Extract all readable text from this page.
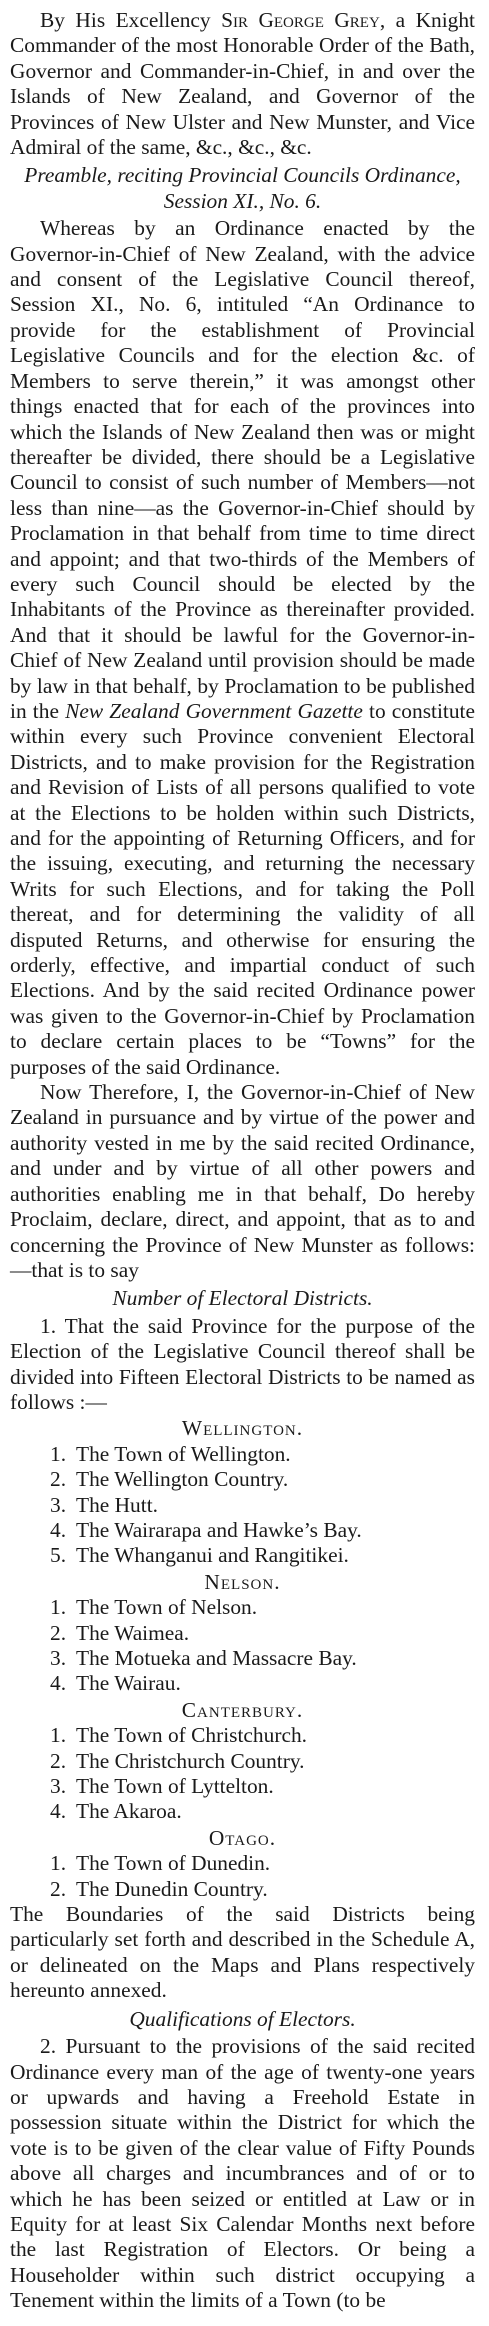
By His Excellency Sir George Grey, a Knight Commander of the most Honorable Order of the Bath, Governor and Commander-in-Chief, in and over the Islands of New Zealand, and Governor of the Provinces of New Ulster and New Munster, and Vice Admiral of the same, &c., &c., &c.

Preamble, reciting Provincial Councils Ordinance, Session XI., No. 6.

Whereas by an Ordinance enacted by the Governor-in-Chief of New Zealand, with the advice and consent of the Legislative Council thereof, Session XI., No. 6, intituled “An Ordinance to provide for the establishment of Provincial Legislative Councils and for the election &c. of Members to serve therein,” it was amongst other things enacted that for each of the provinces into which the Islands of New Zealand then was or might thereafter be divided, there should be a Legislative Council to consist of such number of Members—not less than nine—as the Governor-in-Chief should by Proclamation in that behalf from time to time direct and appoint; and that two-thirds of the Members of every such Council should be elected by the Inhabitants of the Province as thereinafter provided. And that it should be lawful for the Governor-in-Chief of New Zealand until provision should be made by law in that behalf, by Proclamation to be published in the New Zealand Government Gazette to constitute within every such Province convenient Electoral Districts, and to make provision for the Registration and Revision of Lists of all persons qualified to vote at the Elections to be holden within such Districts, and for the appointing of Returning Officers, and for the issuing, executing, and returning the necessary Writs for such Elections, and for taking the Poll thereat, and for determining the validity of all disputed Returns, and otherwise for ensuring the orderly, effective, and impartial conduct of such Elections. And by the said recited Ordinance power was given to the Governor-in-Chief by Proclamation to declare certain places to be “Towns” for the purposes of the said Ordinance.

Now Therefore, I, the Governor-in-Chief of New Zealand in pursuance and by virtue of the power and authority vested in me by the said recited Ordinance, and under and by virtue of all other powers and authorities enabling me in that behalf, Do hereby Proclaim, declare, direct, and appoint, that as to and concerning the Province of New Munster as follows:—that is to say

Number of Electoral Districts.

1. That the said Province for the purpose of the Election of the Legislative Council thereof shall be divided into Fifteen Electoral Districts to be named as follows :—

Wellington.

1. The Town of Wellington.
2. The Wellington Country.
3. The Hutt.
4. The Wairarapa and Hawke’s Bay.
5. The Whanganui and Rangitikei.

Nelson.

1. The Town of Nelson.
2. The Waimea.
3. The Motueka and Massacre Bay.
4. The Wairau.

Canterbury.

1. The Town of Christchurch.
2. The Christchurch Country.
3. The Town of Lyttelton.
4. The Akaroa.

Otago.

1. The Town of Dunedin.
2. The Dunedin Country.

The Boundaries of the said Districts being particularly set forth and described in the Schedule A, or delineated on the Maps and Plans respectively hereunto annexed.

Qualifications of Electors.

2. Pursuant to the provisions of the said recited Ordinance every man of the age of twenty-one years or upwards and having a Freehold Estate in possession situate within the District for which the vote is to be given of the clear value of Fifty Pounds above all charges and incumbrances and of or to which he has been seized or entitled at Law or in Equity for at least Six Calendar Months next before the last Registration of Electors. Or being a Householder within such district occupying a Tenement within the limits of a Town (to be
